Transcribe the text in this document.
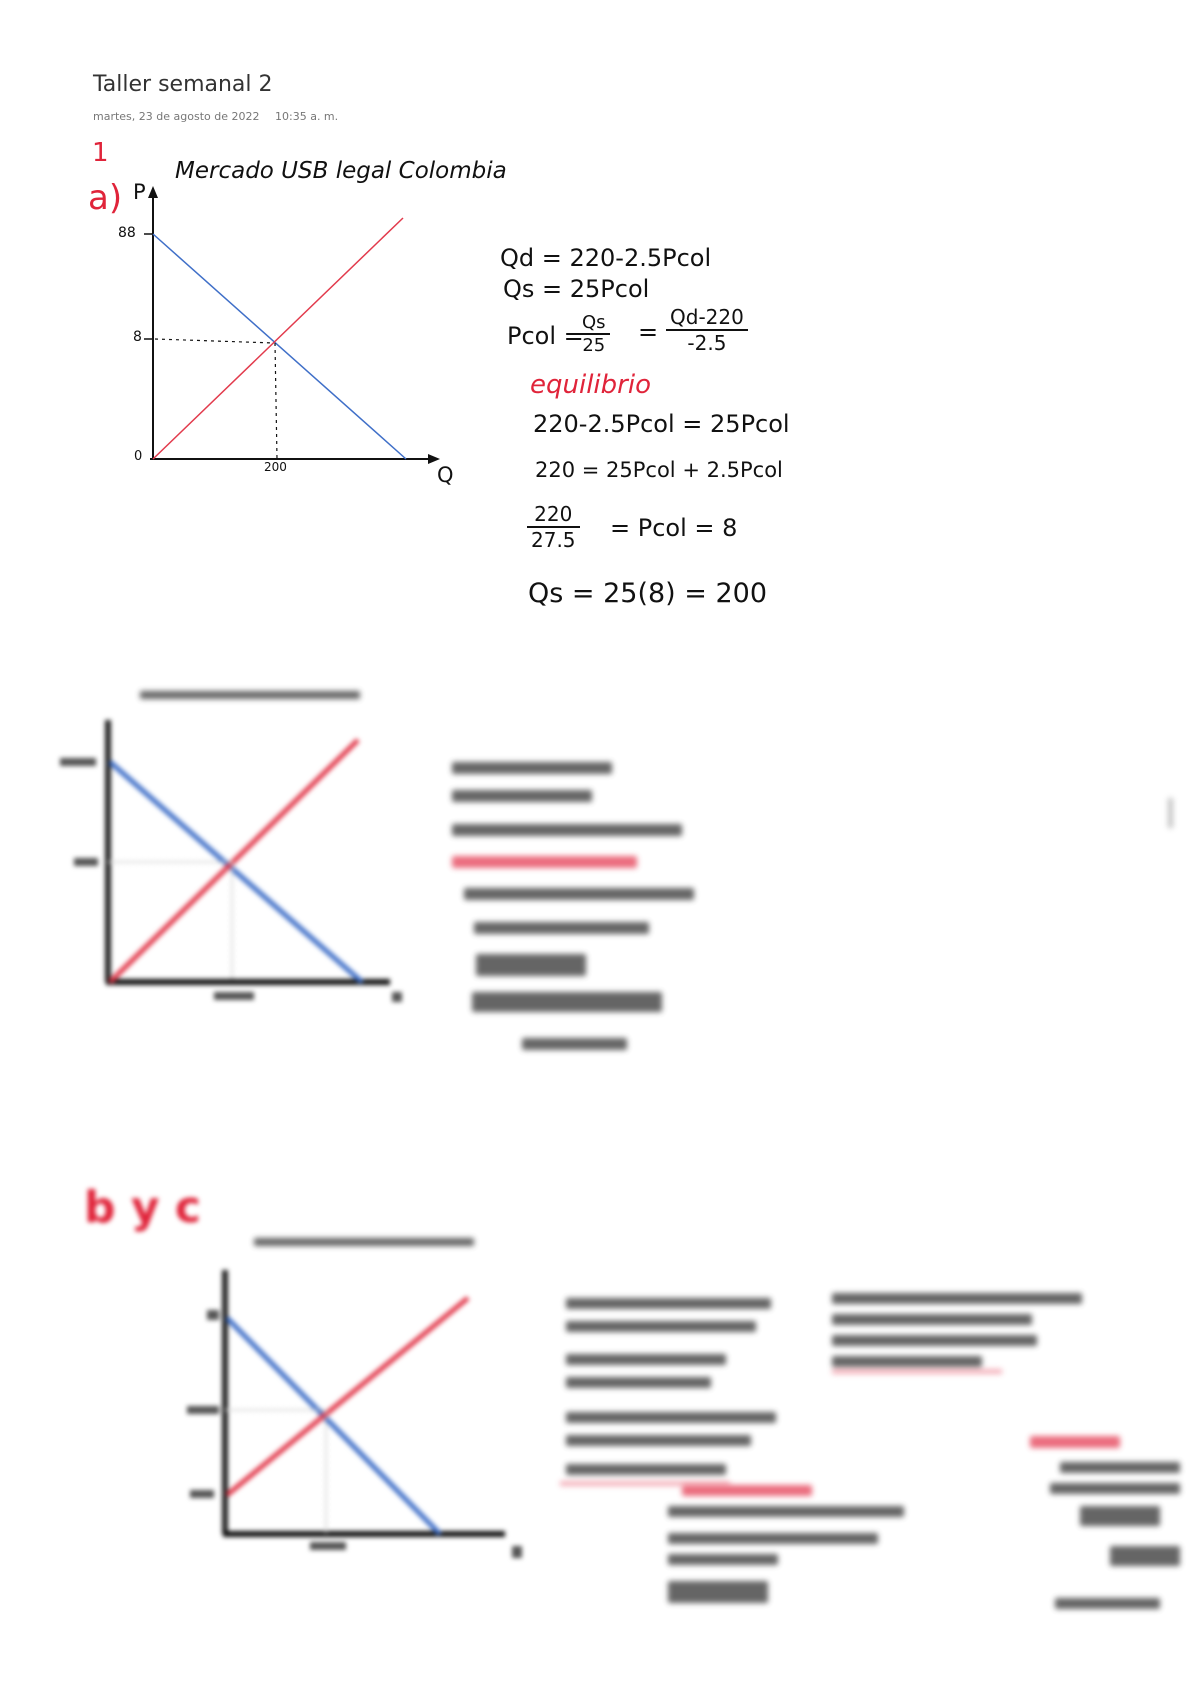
Taller semanal 2
martes, 23 de agosto de 2022 10:35 a. m.
1
a)
Mercado USB legal Colombia
P
Q
88
8
0
200
Qd = 220-2.5Pcol
Qs = 25Pcol
Pcol =
$\frac{Qs}{25} = \frac{Qd-220}{-2.5}$
equilibrio
220-2.5Pcol = 25Pcol
220 = 25Pcol + 2.5Pcol
$\frac{220}{27.5}$ = Pcol = 8
Qs = 25(8) = 200
b y c
